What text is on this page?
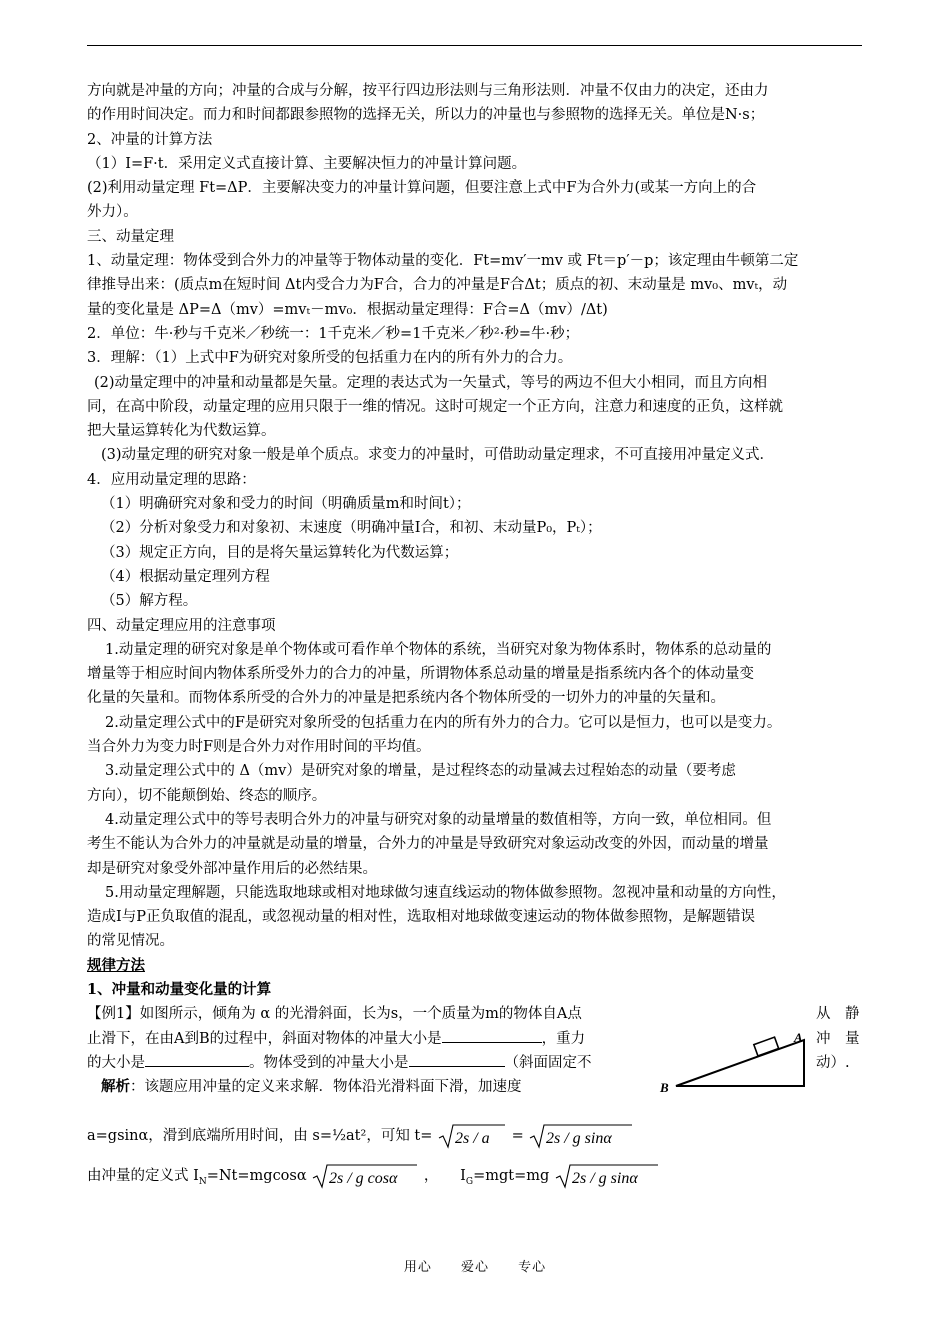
方向就是冲量的方向；冲量的合成与分解，按平行四边形法则与三角形法则．冲量不仅由力的决定，还由力

的作用时间决定。而力和时间都跟参照物的选择无关，所以力的冲量也与参照物的选择无关。单位是N·s；

2、冲量的计算方法

（1）I=F·t．采用定义式直接计算、主要解决恒力的冲量计算问题。

(2)利用动量定理 Ft=ΔP．主要解决变力的冲量计算问题，但要注意上式中F为合外力(或某一方向上的合

外力）。

三、动量定理

1、动量定理：物体受到合外力的冲量等于物体动量的变化．Ft=mv′一mv 或 Ft＝p′－p；该定理由牛顿第二定

律推导出来：(质点m在短时间 Δt内受合力为F合，合力的冲量是F合Δt；质点的初、末动量是 mv₀、mvₜ，动

量的变化量是 ΔP=Δ（mv）=mvₜ－mv₀．根据动量定理得：F合=Δ（mv）/Δt)

2．单位：牛·秒与千克米／秒统一：1千克米／秒=1千克米／秒²·秒=牛·秒；

3．理解：（1）上式中F为研究对象所受的包括重力在内的所有外力的合力。

(2)动量定理中的冲量和动量都是矢量。定理的表达式为一矢量式，等号的两边不但大小相同，而且方向相

同，在高中阶段，动量定理的应用只限于一维的情况。这时可规定一个正方向，注意力和速度的正负，这样就

把大量运算转化为代数运算。

(3)动量定理的研究对象一般是单个质点。求变力的冲量时，可借助动量定理求，不可直接用冲量定义式．

4．应用动量定理的思路：

（1）明确研究对象和受力的时间（明确质量m和时间t）；

（2）分析对象受力和对象初、末速度（明确冲量I合，和初、末动量P₀，Pₜ）；

（3）规定正方向，目的是将矢量运算转化为代数运算；

（4）根据动量定理列方程

（5）解方程。

四、动量定理应用的注意事项

1.动量定理的研究对象是单个物体或可看作单个物体的系统，当研究对象为物体系时，物体系的总动量的

增量等于相应时间内物体系所受外力的合力的冲量，所谓物体系总动量的增量是指系统内各个的体动量变

化量的矢量和。而物体系所受的合外力的冲量是把系统内各个物体所受的一切外力的冲量的矢量和。

2.动量定理公式中的F是研究对象所受的包括重力在内的所有外力的合力。它可以是恒力，也可以是变力。

当合外力为变力时F则是合外力对作用时间的平均值。

3.动量定理公式中的 Δ（mv）是研究对象的增量，是过程终态的动量减去过程始态的动量（要考虑

方向），切不能颠倒始、终态的顺序。

4.动量定理公式中的等号表明合外力的冲量与研究对象的动量增量的数值相等，方向一致，单位相同。但

考生不能认为合外力的冲量就是动量的增量，合外力的冲量是导致研究对象运动改变的外因，而动量的增量

却是研究对象受外部冲量作用后的必然结果。

5.用动量定理解题，只能选取地球或相对地球做匀速直线运动的物体做参照物。忽视冲量和动量的方向性，

造成I与P正负取值的混乱，或忽视动量的相对性，选取相对地球做变速运动的物体做参照物，是解题错误

的常见情况。

规律方法

1、冲量和动量变化量的计算

【例1】如图所示，倾角为 α 的光滑斜面，长为s，一个质量为m的物体自A点
止滑下，在由A到B的过程中，斜面对物体的冲量大小是	，重力
的大小是	。物体受到的冲量大小是	（斜面固定不
解析：该题应用冲量的定义来求解．物体沿光滑料面下滑，加速度
A
B
从　静
冲　量
动）.
a=gsinα，滑到底端所用时间，由 s=½at²，可知 t= 2s / a = 2s / g sinα
由冲量的定义式 $I_N=Nt=mgcos\alpha$ 2s / g cosα ，　　$I_G=mgt=mg$ 2s / g sinα
用心 爱心 专心
